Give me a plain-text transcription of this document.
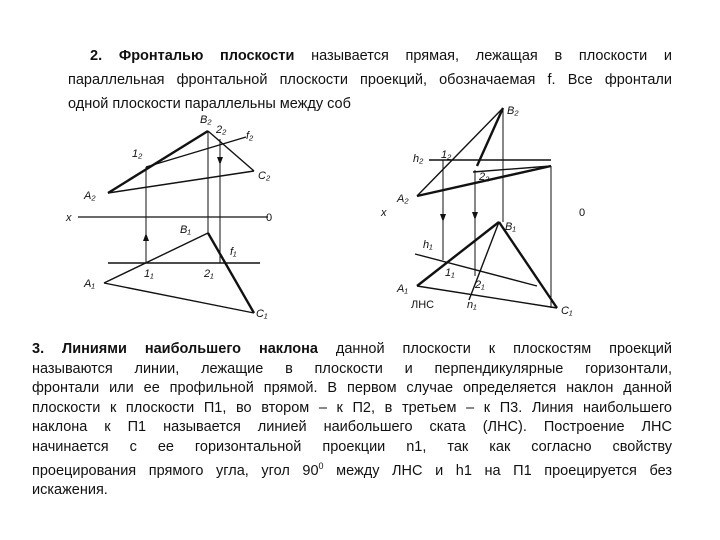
2. Фронталью плоскости называется прямая, лежащая в плоскости и
параллельная фронтальной плоскости проекций, обозначаемая f. Все фронтали
одной плоскости параллельны между соб
B₂
2₂ f₂
1₂
C₂
A₂
x	0
B₁
f₁
1₁	2₁
A₁
C₁
B₂
h₂ 1₂
2₂
A₂
x	0
B₁
h₁
1₁
2₁
A₁
ЛНС	n₁	C₁
3. Линиями наибольшего наклона данной плоскости к плоскостям проекций
называются линии, лежащие в плоскости и перпендикулярные горизонтали,
фронтали или ее профильной прямой. В первом случае определяется наклон данной
плоскости к плоскости П1, во втором – к П2, в третьем – к П3. Линия наибольшего
наклона к П1 называется линией наибольшего ската (ЛНС). Построение ЛНС
начинается с ее горизонтальной проекции n1, так как согласно свойству
проецирования прямого угла, угол $90^0$ между ЛНС и h1 на П1 проецируется без
искажения.
